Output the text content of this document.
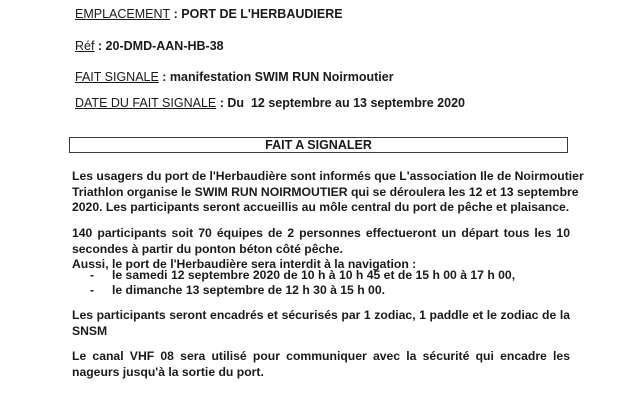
EMPLACEMENT : PORT DE L'HERBAUDIERE
Réf : 20-DMD-AAN-HB-38
FAIT SIGNALE : manifestation SWIM RUN Noirmoutier
DATE DU FAIT SIGNALE : Du  12 septembre au 13 septembre 2020
FAIT A SIGNALER
Les usagers du port de l'Herbaudière sont informés que L'association Ile de Noirmoutier
Triathlon organise le SWIM RUN NOIRMOUTIER qui se déroulera les 12 et 13 septembre
2020. Les participants seront accueillis au môle central du port de pêche et plaisance.
140 participants soit 70 équipes de 2 personnes effectueront un départ tous les 10
secondes à partir du ponton béton côté pêche.
Aussi, le port de l'Herbaudière sera interdit à la navigation :
-	le samedi 12 septembre 2020 de 10 h à 10 h 45 et de 15 h 00 à 17 h 00,
-	le dimanche 13 septembre de 12 h 30 à 15 h 00.
Les participants seront encadrés et sécurisés par 1 zodiac, 1 paddle et le zodiac de la
SNSM
Le canal VHF 08 sera utilisé pour communiquer avec la sécurité qui encadre les
nageurs jusqu'à la sortie du port.
